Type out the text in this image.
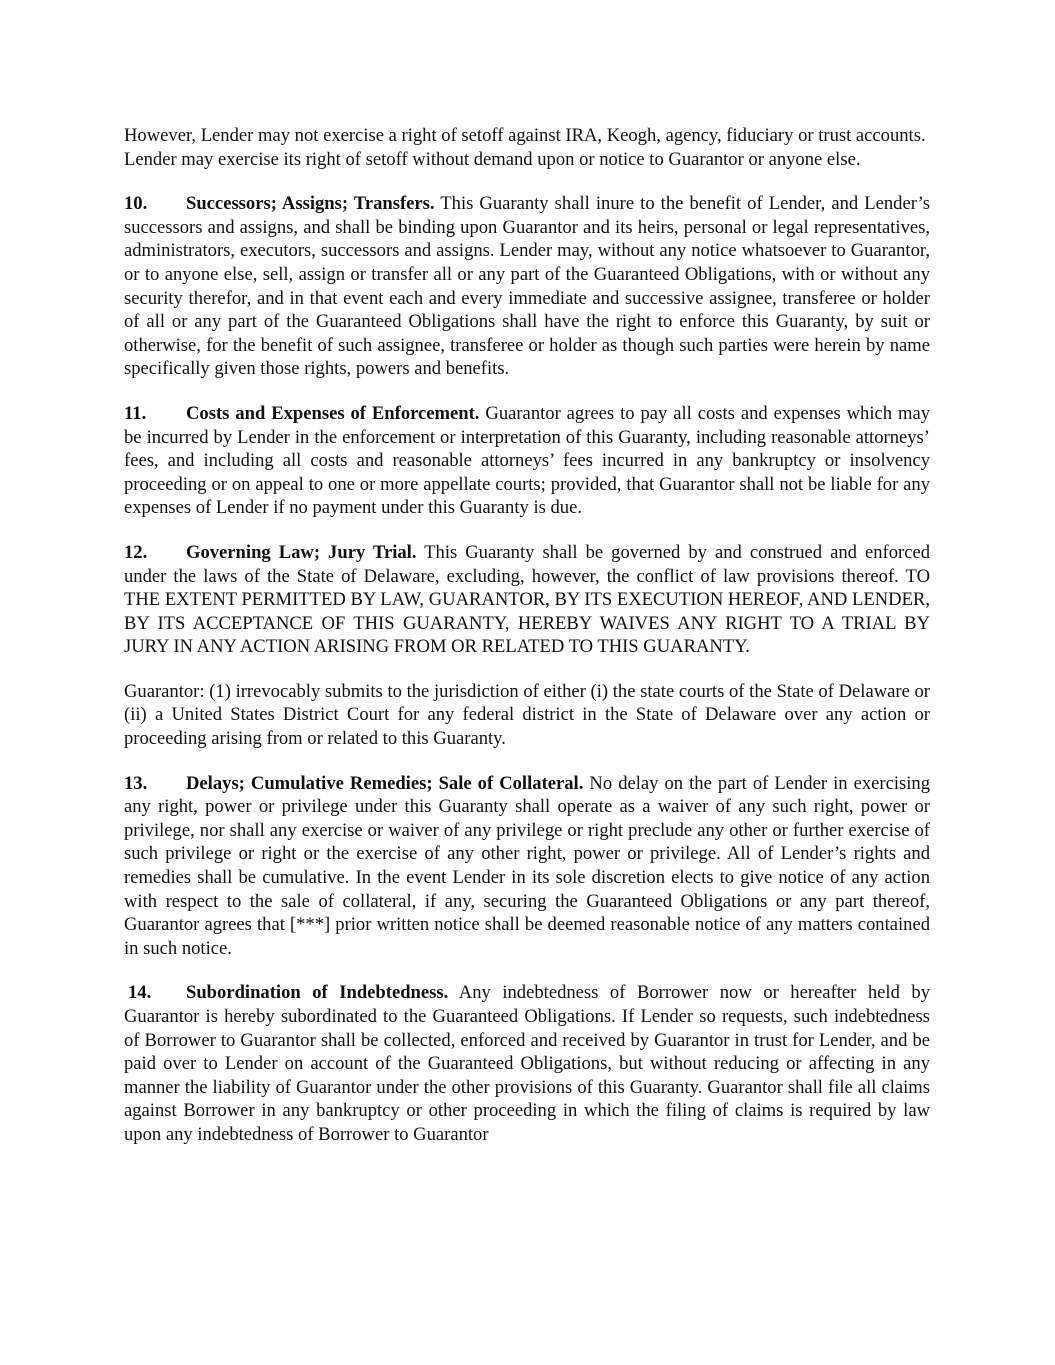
However, Lender may not exercise a right of setoff against IRA, Keogh, agency, fiduciary or trust accounts. Lender may exercise its right of setoff without demand upon or notice to Guarantor or anyone else.

10. Successors; Assigns; Transfers. This Guaranty shall inure to the benefit of Lender, and Lender’s successors and assigns, and shall be binding upon Guarantor and its heirs, personal or legal representatives, administrators, executors, successors and assigns. Lender may, without any notice whatsoever to Guarantor, or to anyone else, sell, assign or transfer all or any part of the Guaranteed Obligations, with or without any security therefor, and in that event each and every immediate and successive assignee, transferee or holder of all or any part of the Guaranteed Obligations shall have the right to enforce this Guaranty, by suit or otherwise, for the benefit of such assignee, transferee or holder as though such parties were herein by name specifically given those rights, powers and benefits.

11. Costs and Expenses of Enforcement. Guarantor agrees to pay all costs and expenses which may be incurred by Lender in the enforcement or interpretation of this Guaranty, including reasonable attorneys’ fees, and including all costs and reasonable attorneys’ fees incurred in any bankruptcy or insolvency proceeding or on appeal to one or more appellate courts; provided, that Guarantor shall not be liable for any expenses of Lender if no payment under this Guaranty is due.

12. Governing Law; Jury Trial. This Guaranty shall be governed by and construed and enforced under the laws of the State of Delaware, excluding, however, the conflict of law provisions thereof. TO THE EXTENT PERMITTED BY LAW, GUARANTOR, BY ITS EXECUTION HEREOF, AND LENDER, BY ITS ACCEPTANCE OF THIS GUARANTY, HEREBY WAIVES ANY RIGHT TO A TRIAL BY JURY IN ANY ACTION ARISING FROM OR RELATED TO THIS GUARANTY.

Guarantor: (1) irrevocably submits to the jurisdiction of either (i) the state courts of the State of Delaware or (ii) a United States District Court for any federal district in the State of Delaware over any action or proceeding arising from or related to this Guaranty.

13. Delays; Cumulative Remedies; Sale of Collateral. No delay on the part of Lender in exercising any right, power or privilege under this Guaranty shall operate as a waiver of any such right, power or privilege, nor shall any exercise or waiver of any privilege or right preclude any other or further exercise of such privilege or right or the exercise of any other right, power or privilege. All of Lender’s rights and remedies shall be cumulative. In the event Lender in its sole discretion elects to give notice of any action with respect to the sale of collateral, if any, securing the Guaranteed Obligations or any part thereof, Guarantor agrees that [***] prior written notice shall be deemed reasonable notice of any matters contained in such notice.

14. Subordination of Indebtedness. Any indebtedness of Borrower now or hereafter held by Guarantor is hereby subordinated to the Guaranteed Obligations. If Lender so requests, such indebtedness of Borrower to Guarantor shall be collected, enforced and received by Guarantor in trust for Lender, and be paid over to Lender on account of the Guaranteed Obligations, but without reducing or affecting in any manner the liability of Guarantor under the other provisions of this Guaranty. Guarantor shall file all claims against Borrower in any bankruptcy or other proceeding in which the filing of claims is required by law upon any indebtedness of Borrower to Guarantor
